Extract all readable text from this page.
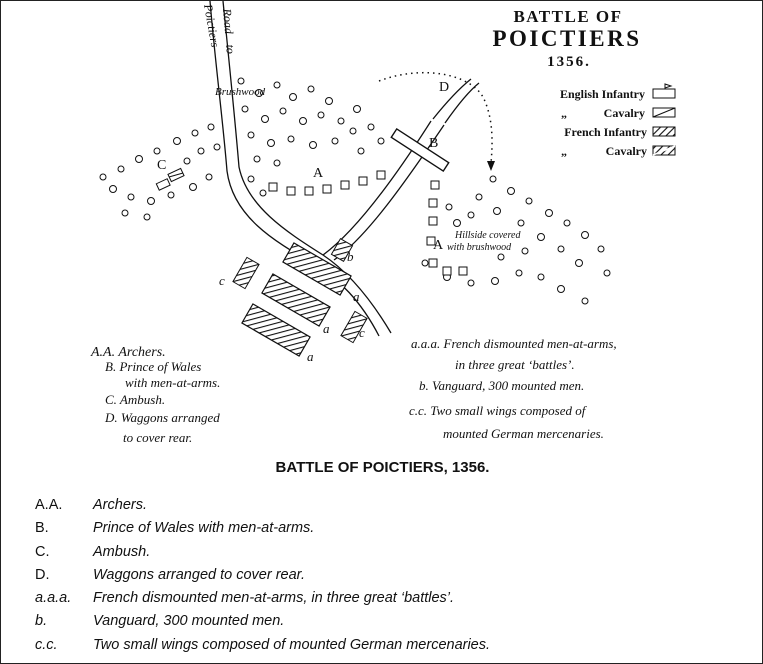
BATTLE OF
POICTIERS
1356.
Road
to
Poictiers
Brushwood
Hillside covered
with brushwood
A
A
B
C
D
b
c
c
a
a
a
English Infantry
„	Cavalry
French Infantry
„	Cavalry
A.A. Archers.
B. Prince of Wales
with men-at-arms.
C. Ambush.
D. Waggons arranged
to cover rear.
a.a.a. French dismounted men-at-arms,
in three great ‘battles’.
b. Vanguard, 300 mounted men.
c.c. Two small wings composed of
mounted German mercenaries.
BATTLE OF POICTIERS, 1356.
A.A.	Archers.
B.	Prince of Wales with men-at-arms.
C.	Ambush.
D.	Waggons arranged to cover rear.
a.a.a.	French dismounted men-at-arms, in three great ‘battles’.
b.	Vanguard, 300 mounted men.
c.c.	Two small wings composed of mounted German mercenaries.
